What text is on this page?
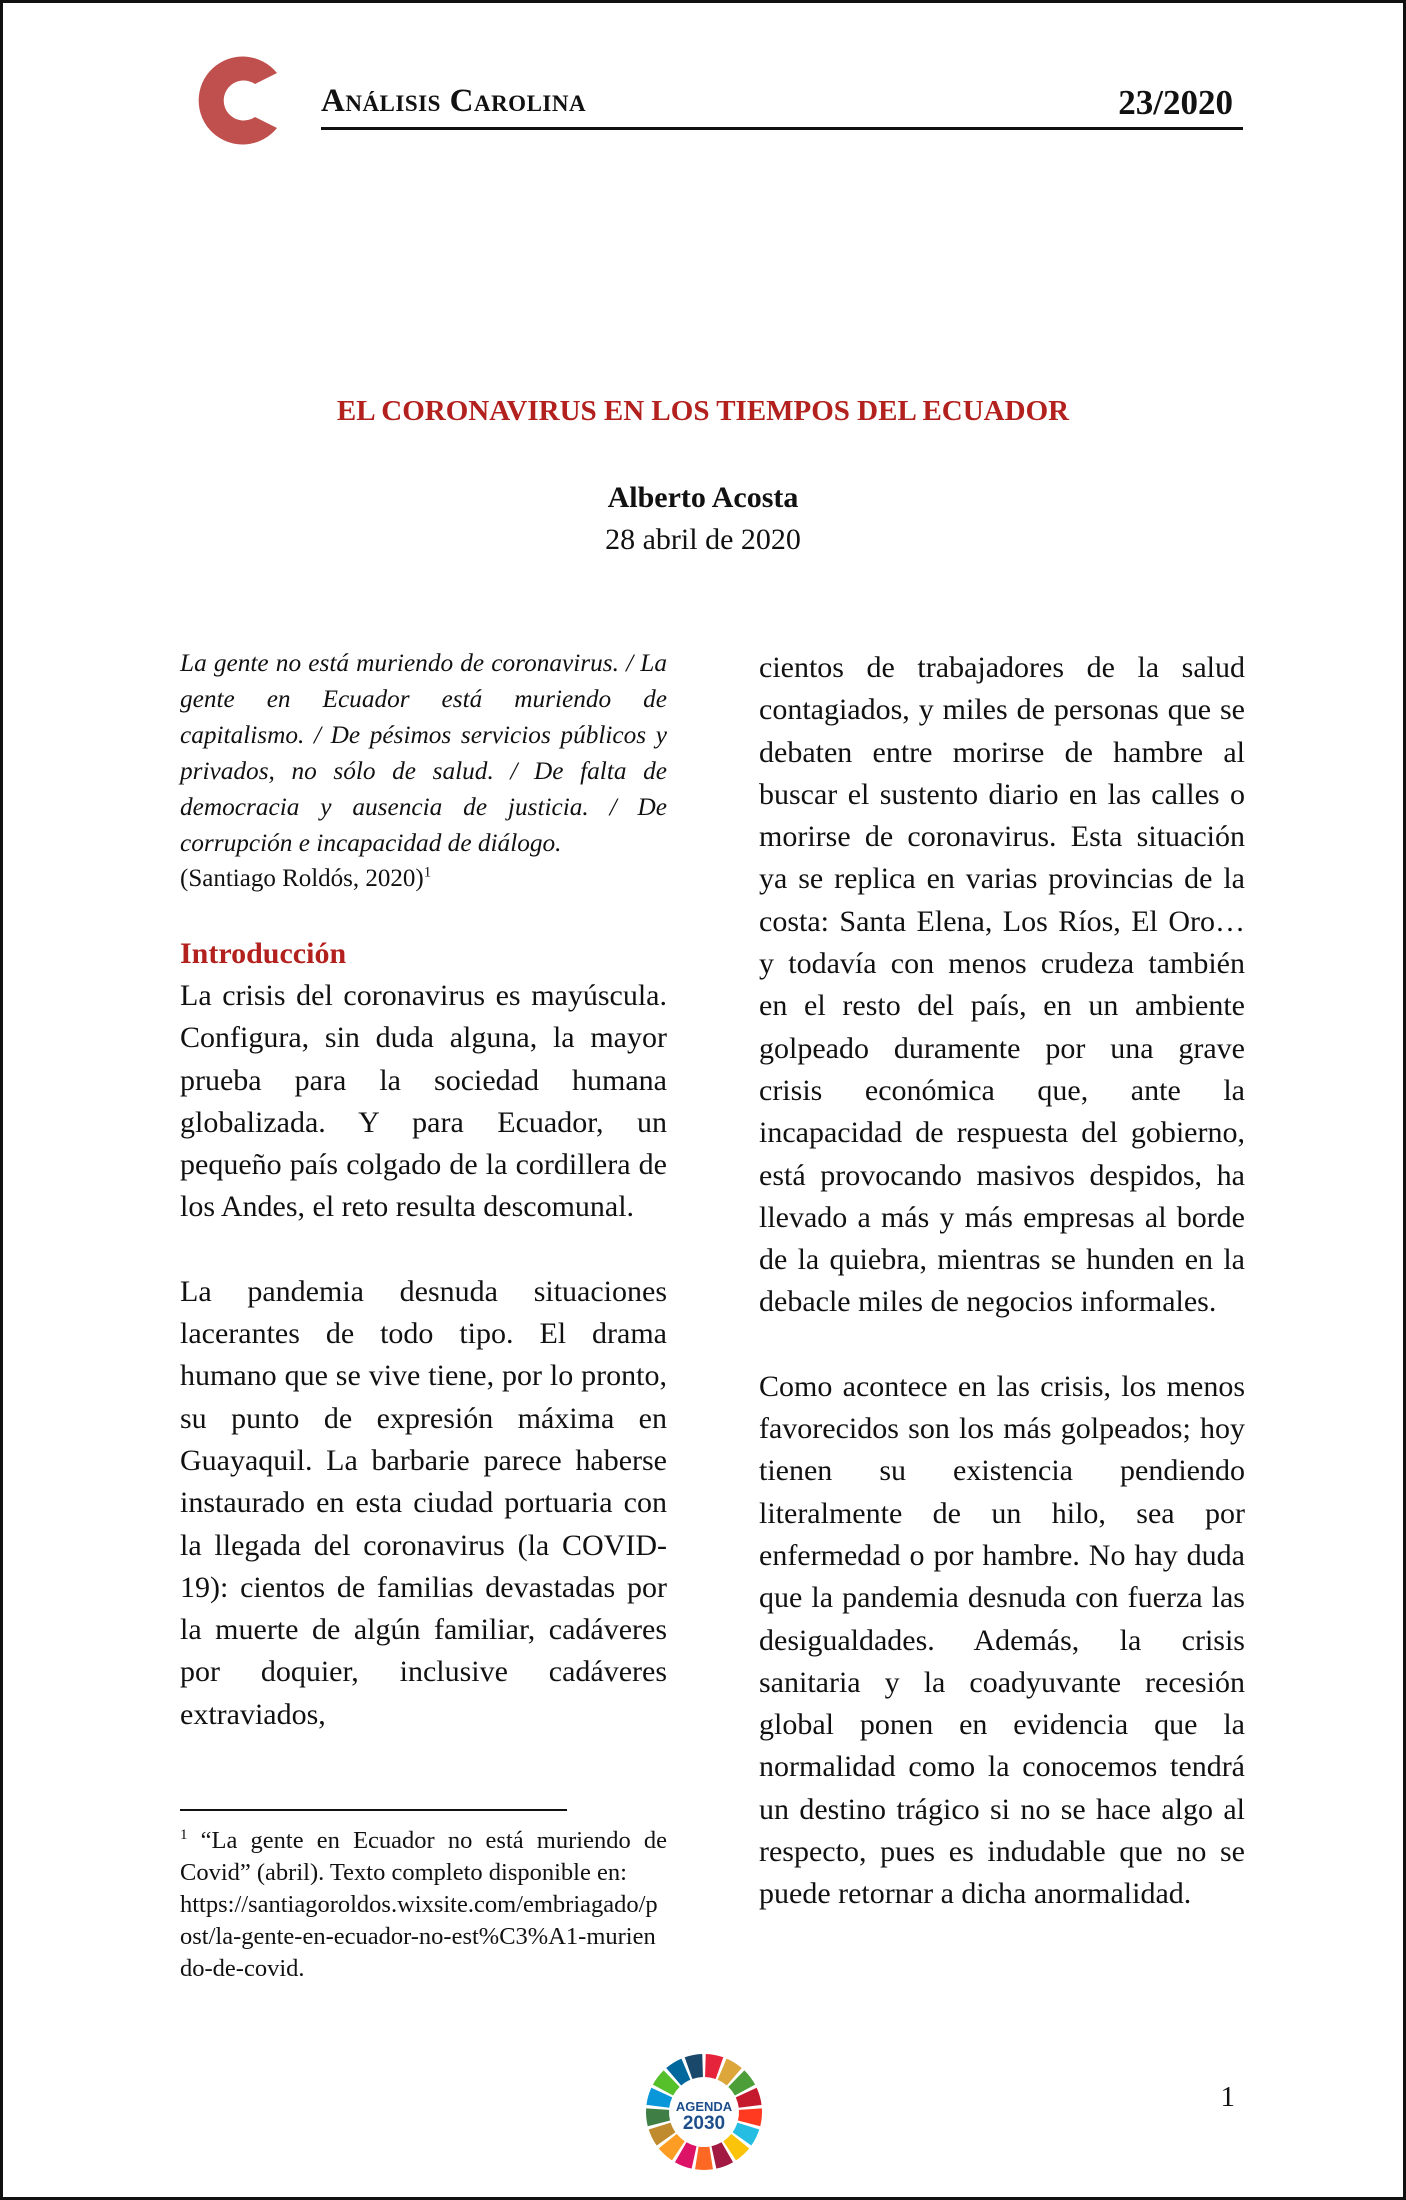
Análisis Carolina	23/2020
EL CORONAVIRUS EN LOS TIEMPOS DEL ECUADOR
Alberto Acosta
28 abril de 2020

La gente no está muriendo de coronavirus. / La gente en Ecuador está muriendo de capitalismo. / De pésimos servicios públicos y privados, no sólo de salud. / De falta de democracia y ausencia de justicia. / De corrupción e incapacidad de diálogo.

(Santiago Roldós, 2020)$^1$

Introducción

La crisis del coronavirus es mayúscula. Configura, sin duda alguna, la mayor prueba para la sociedad humana globalizada. Y para Ecuador, un pequeño país colgado de la cordillera de los Andes, el reto resulta descomunal.

La pandemia desnuda situaciones lacerantes de todo tipo. El drama humano que se vive tiene, por lo pronto, su punto de expresión máxima en Guayaquil. La barbarie parece haberse instaurado en esta ciudad portuaria con la llegada del coronavirus (la COVID-19): cientos de familias devastadas por la muerte de algún familiar, cadáveres por doquier, inclusive cadáveres extraviados,

$^1$ “La gente en Ecuador no está muriendo de Covid” (abril). Texto completo disponible en:
https://santiagoroldos.wixsite.com/embriagado/post/la-gente-en-ecuador-no-est%C3%A1-muriendo-de-covid.

cientos de trabajadores de la salud contagiados, y miles de personas que se debaten entre morirse de hambre al buscar el sustento diario en las calles o morirse de coronavirus. Esta situación ya se replica en varias provincias de la costa: Santa Elena, Los Ríos, El Oro… y todavía con menos crudeza también en el resto del país, en un ambiente golpeado duramente por una grave crisis económica que, ante la incapacidad de respuesta del gobierno, está provocando masivos despidos, ha llevado a más y más empresas al borde de la quiebra, mientras se hunden en la debacle miles de negocios informales.

Como acontece en las crisis, los menos favorecidos son los más golpeados; hoy tienen su existencia pendiendo literalmente de un hilo, sea por enfermedad o por hambre. No hay duda que la pandemia desnuda con fuerza las desigualdades. Además, la crisis sanitaria y la coadyuvante recesión global ponen en evidencia que la normalidad como la conocemos tendrá un destino trágico si no se hace algo al respecto, pues es indudable que no se puede retornar a dicha anormalidad.

AGENDA
2030
1
